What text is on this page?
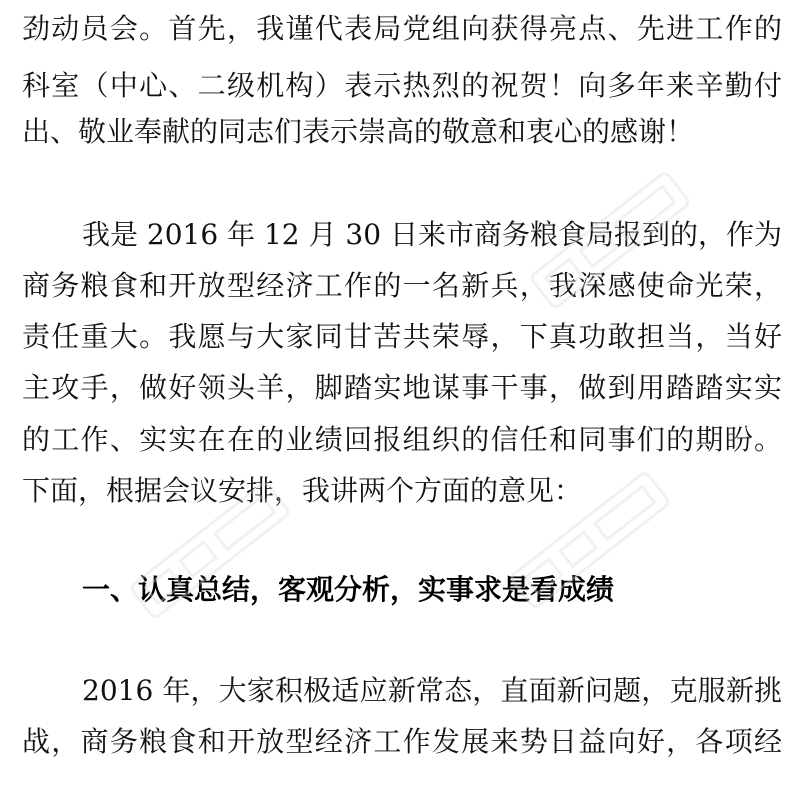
劲动员会。首先，我谨代表局党组向获得亮点、先进工作的
科室（中心、二级机构）表示热烈的祝贺！向多年来辛勤付
出、敬业奉献的同志们表示崇高的敬意和衷心的感谢！
我是 2016 年 12 月 30 日来市商务粮食局报到的，作为
商务粮食和开放型经济工作的一名新兵，我深感使命光荣，
责任重大。我愿与大家同甘苦共荣辱，下真功敢担当，当好
主攻手，做好领头羊，脚踏实地谋事干事，做到用踏踏实实
的工作、实实在在的业绩回报组织的信任和同事们的期盼。
下面，根据会议安排，我讲两个方面的意见：
一、认真总结，客观分析，实事求是看成绩
2016 年，大家积极适应新常态，直面新问题，克服新挑
战，商务粮食和开放型经济工作发展来势日益向好，各项经
